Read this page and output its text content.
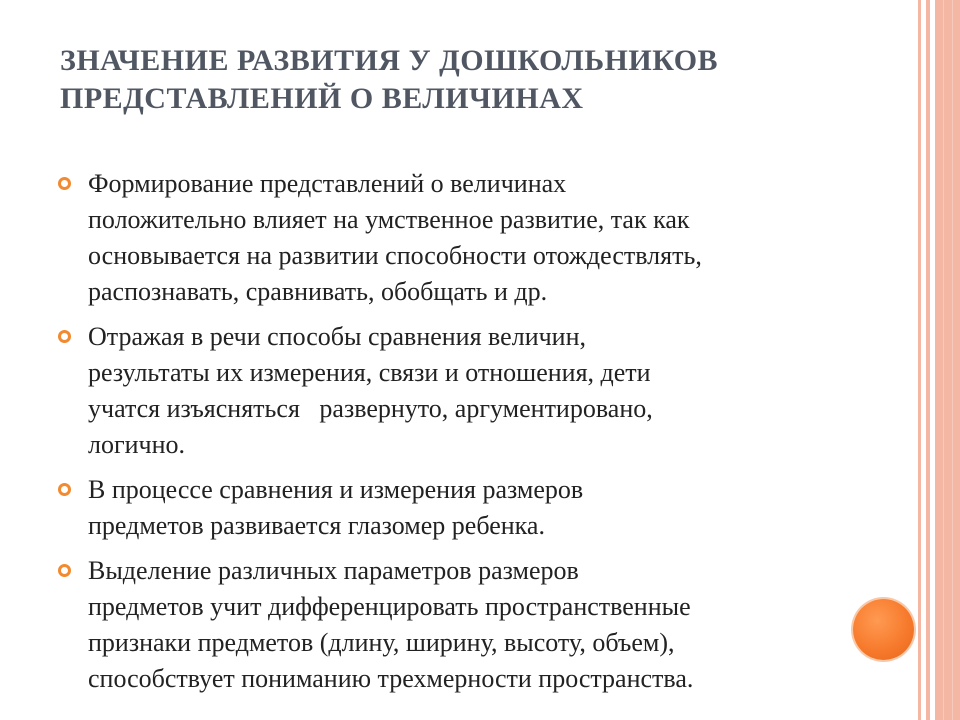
ЗНАЧЕНИЕ РАЗВИТИЯ У ДОШКОЛЬНИКОВ
ПРЕДСТАВЛЕНИЙ О ВЕЛИЧИНАХ
Формирование представлений о величинах
положительно влияет на умственное развитие, так как
основывается на развитии способности отождествлять,
распознавать, сравнивать, обобщать и др.
Отражая в речи способы сравнения величин,
результаты их измерения, связи и отношения, дети
учатся изъясняться   развернуто, аргументировано,
логично.
В процессе сравнения и измерения размеров
предметов развивается глазомер ребенка.
Выделение различных параметров размеров
предметов учит дифференцировать пространственные
признаки предметов (длину, ширину, высоту, объем),
способствует пониманию трехмерности пространства.
